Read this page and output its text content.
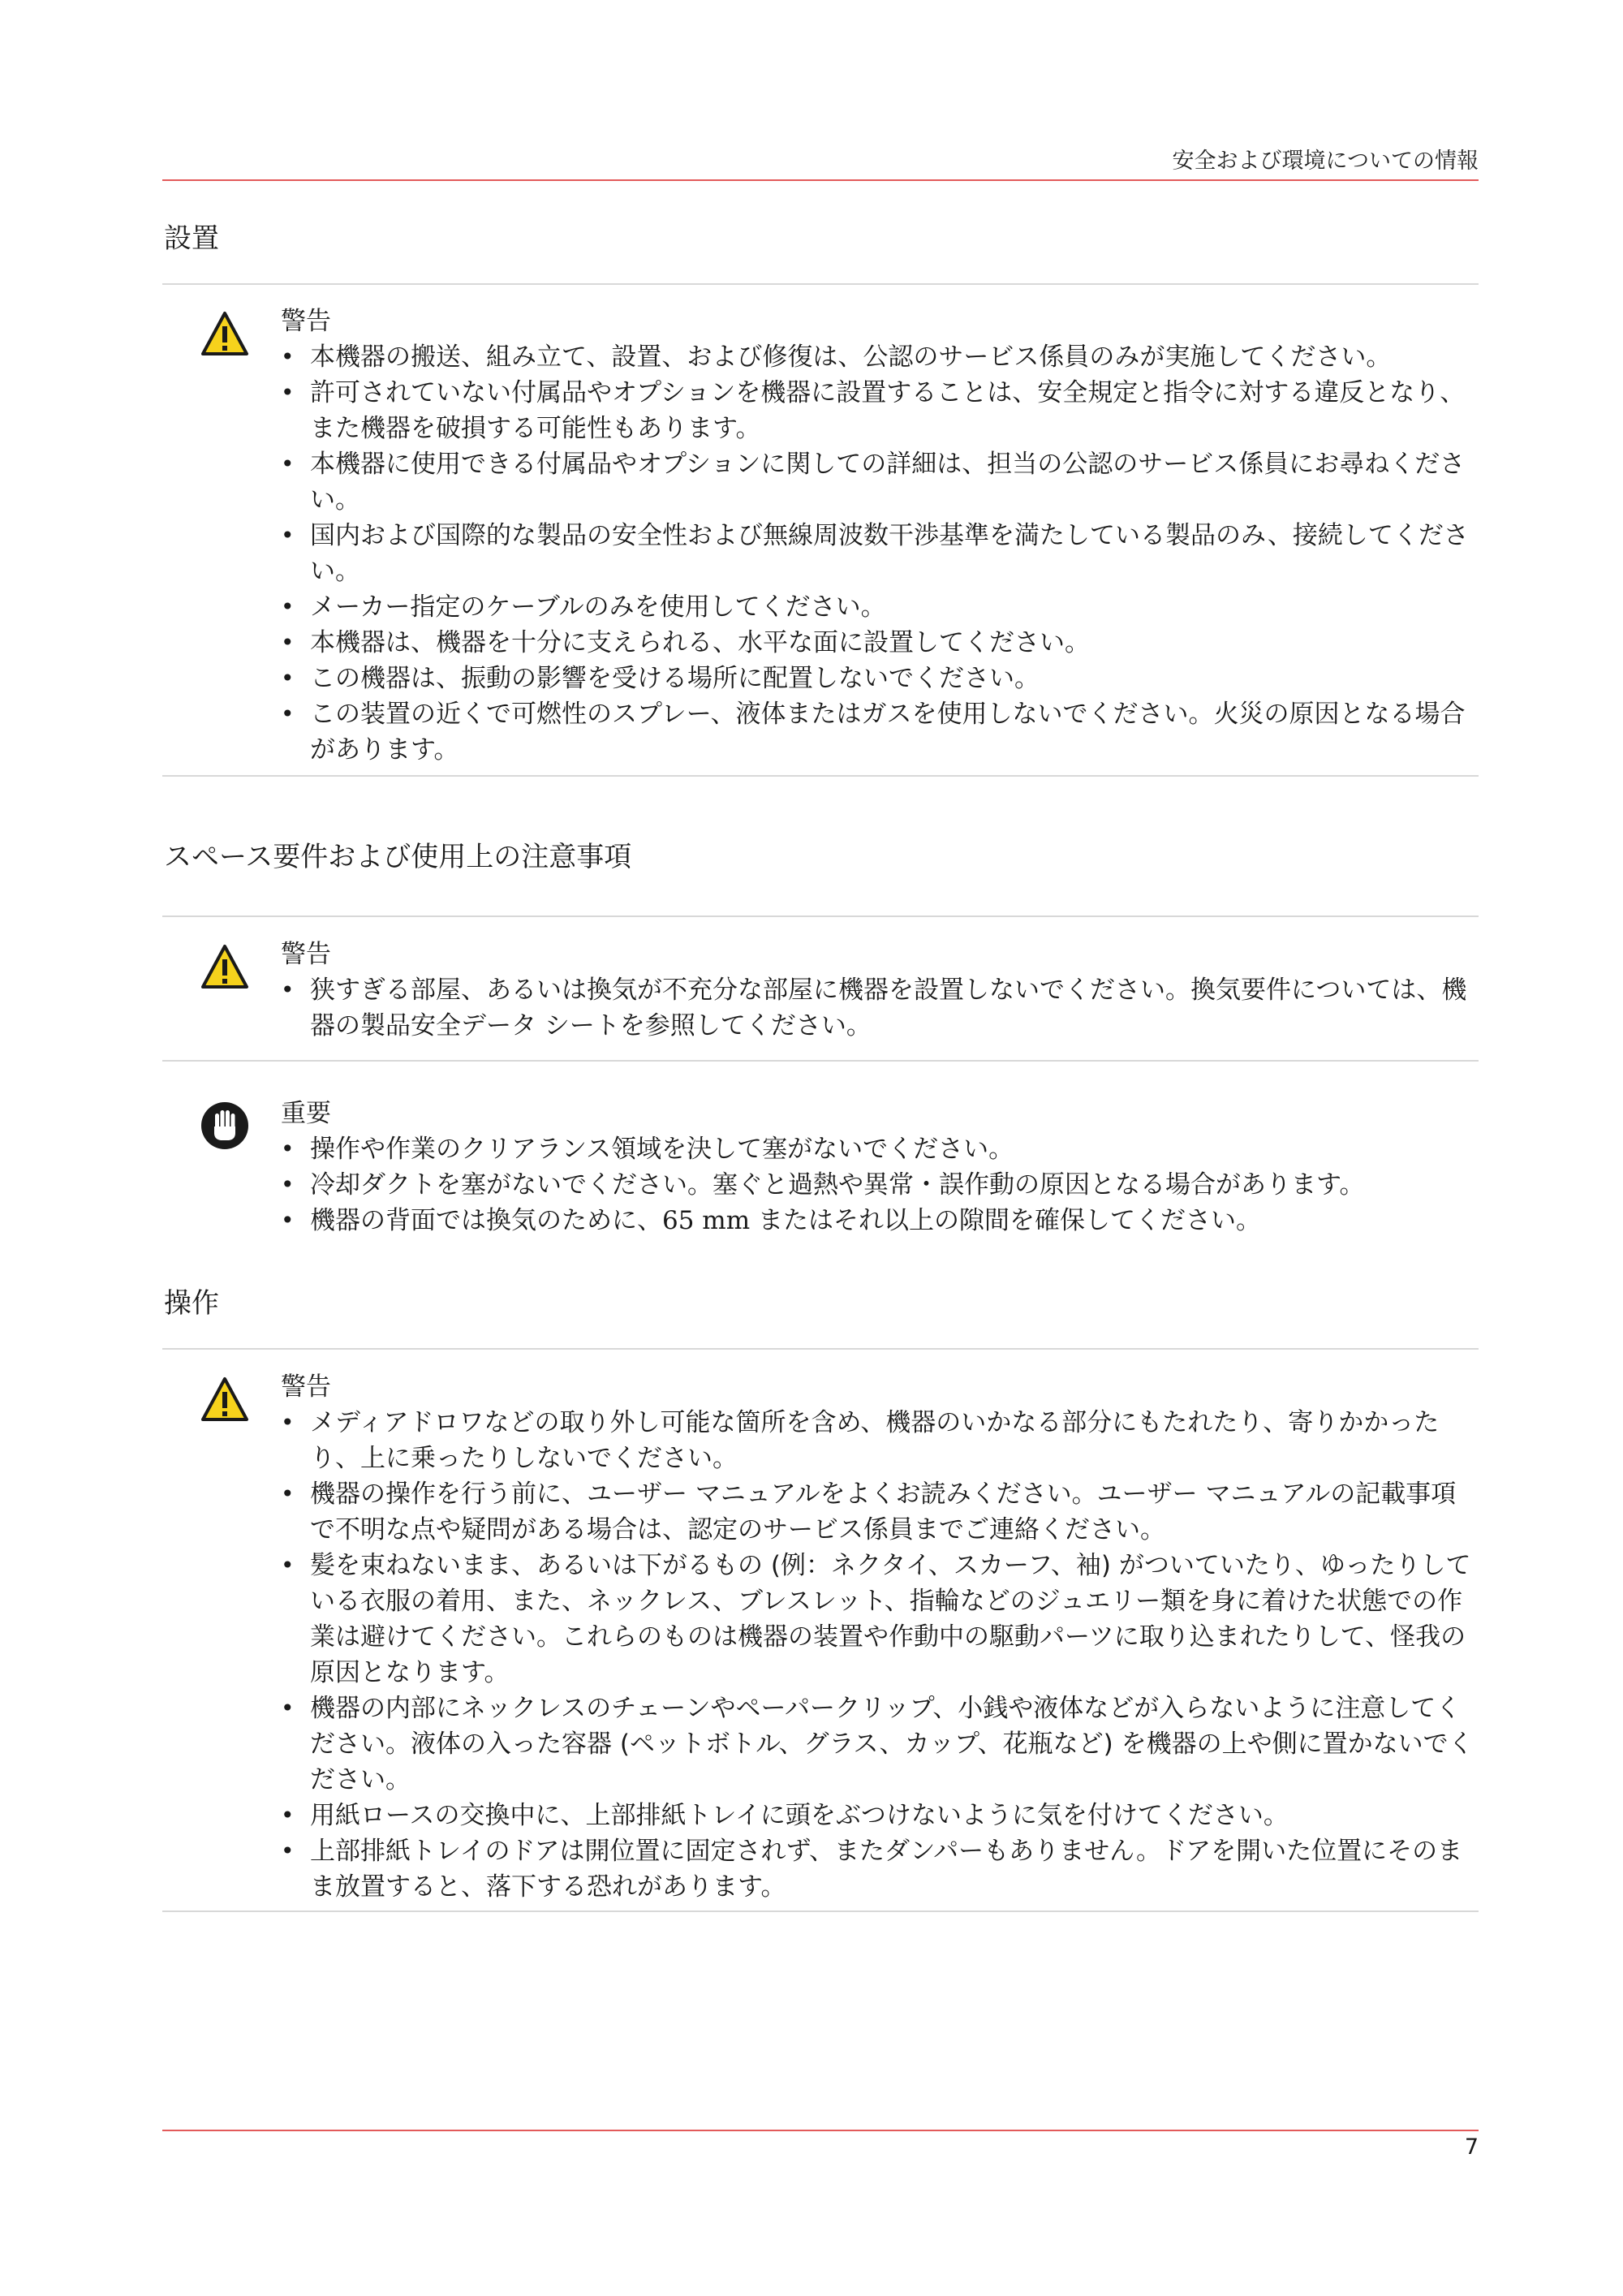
安全および環境についての情報
設置
警告
• 本機器の搬送、組み立て、設置、および修復は、公認のサービス係員のみが実施してください。
• 許可されていない付属品やオプションを機器に設置することは、安全規定と指令に対する違反となり、また機器を破損する可能性もあります。
• 本機器に使用できる付属品やオプションに関しての詳細は、担当の公認のサービス係員にお尋ねください。
• 国内および国際的な製品の安全性および無線周波数干渉基準を満たしている製品のみ、接続してください。
• メーカー指定のケーブルのみを使用してください。
• 本機器は、機器を十分に支えられる、水平な面に設置してください。
• この機器は、振動の影響を受ける場所に配置しないでください。
• この装置の近くで可燃性のスプレー、液体またはガスを使用しないでください。火災の原因となる場合があります。
スペース要件および使用上の注意事項
警告
• 狭すぎる部屋、あるいは換気が不充分な部屋に機器を設置しないでください。換気要件については、機器の製品安全データ シートを参照してください。
重要
• 操作や作業のクリアランス領域を決して塞がないでください。
• 冷却ダクトを塞がないでください。塞ぐと過熱や異常・誤作動の原因となる場合があります。
• 機器の背面では換気のために、65 mm またはそれ以上の隙間を確保してください。
操作
警告
• メディアドロワなどの取り外し可能な箇所を含め、機器のいかなる部分にもたれたり、寄りかかったり、上に乗ったりしないでください。
• 機器の操作を行う前に、ユーザー マニュアルをよくお読みください。ユーザー マニュアルの記載事項で不明な点や疑問がある場合は、認定のサービス係員までご連絡ください。
• 髪を束ねないまま、あるいは下がるもの (例：ネクタイ、スカーフ、袖) がついていたり、ゆったりしている衣服の着用、また、ネックレス、ブレスレット、指輪などのジュエリー類を身に着けた状態での作業は避けてください。これらのものは機器の装置や作動中の駆動パーツに取り込まれたりして、怪我の原因となります。
• 機器の内部にネックレスのチェーンやペーパークリップ、小銭や液体などが入らないように注意してください。液体の入った容器 (ペットボトル、グラス、カップ、花瓶など) を機器の上や側に置かないでください。
• 用紙ロースの交換中に、上部排紙トレイに頭をぶつけないように気を付けてください。
• 上部排紙トレイのドアは開位置に固定されず、またダンパーもありません。ドアを開いた位置にそのまま放置すると、落下する恐れがあります。
7
